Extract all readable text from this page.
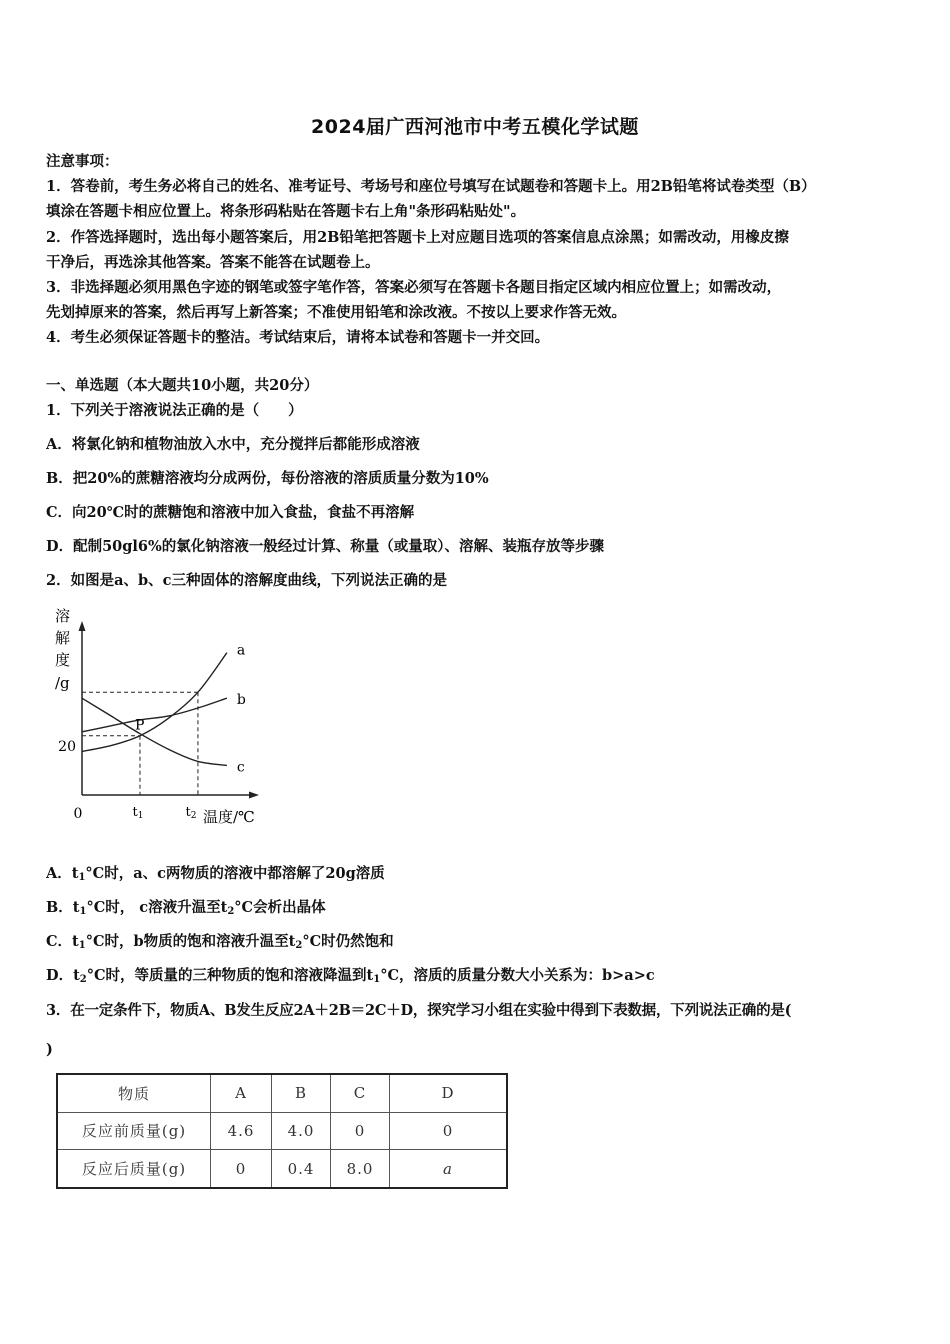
2024届广西河池市中考五模化学试题
注意事项：
1．答卷前，考生务必将自己的姓名、准考证号、考场号和座位号填写在试题卷和答题卡上。用2B铅笔将试卷类型（B）
填涂在答题卡相应位置上。将条形码粘贴在答题卡右上角"条形码粘贴处"。
2．作答选择题时，选出每小题答案后，用2B铅笔把答题卡上对应题目选项的答案信息点涂黑；如需改动，用橡皮擦
干净后，再选涂其他答案。答案不能答在试题卷上。
3．非选择题必须用黑色字迹的钢笔或签字笔作答，答案必须写在答题卡各题目指定区域内相应位置上；如需改动，
先划掉原来的答案，然后再写上新答案；不准使用铅笔和涂改液。不按以上要求作答无效。
4．考生必须保证答题卡的整洁。考试结束后，请将本试卷和答题卡一并交回。
一、单选题（本大题共10小题，共20分）
1．下列关于溶液说法正确的是（　　）
A．将氯化钠和植物油放入水中，充分搅拌后都能形成溶液
B．把20%的蔗糖溶液均分成两份，每份溶液的溶质质量分数为10%
C．向20℃时的蔗糖饱和溶液中加入食盐，食盐不再溶解
D．配制50gl6%的氯化钠溶液一般经过计算、称量（或量取）、溶解、装瓶存放等步骤
2．如图是a、b、c三种固体的溶解度曲线，下列说法正确的是
溶
解
度
/g
0
20
t1	t2 温度/℃
a
b
c
P
A．$t_1^\circ C$时，a、c两物质的溶液中都溶解了20g溶质
B．$t_1^\circ C$时， c溶液升温至$t_2^\circ C$会析出晶体
C．$t_1^\circ C$时，b物质的饱和溶液升温至$t_2^\circ C$时仍然饱和
D．$t_2^\circ C$时，等质量的三种物质的饱和溶液降温到$t_1^\circ C$，溶质的质量分数大小关系为：b>a>c
3．在一定条件下，物质A、B发生反应2A＋2B＝2C＋D，探究学习小组在实验中得到下表数据，下列说法正确的是(
)
物质	A	B	C	D
反应前质量(g)	4.6	4.0	0	0
反应后质量(g)	0	0.4	8.0	a
